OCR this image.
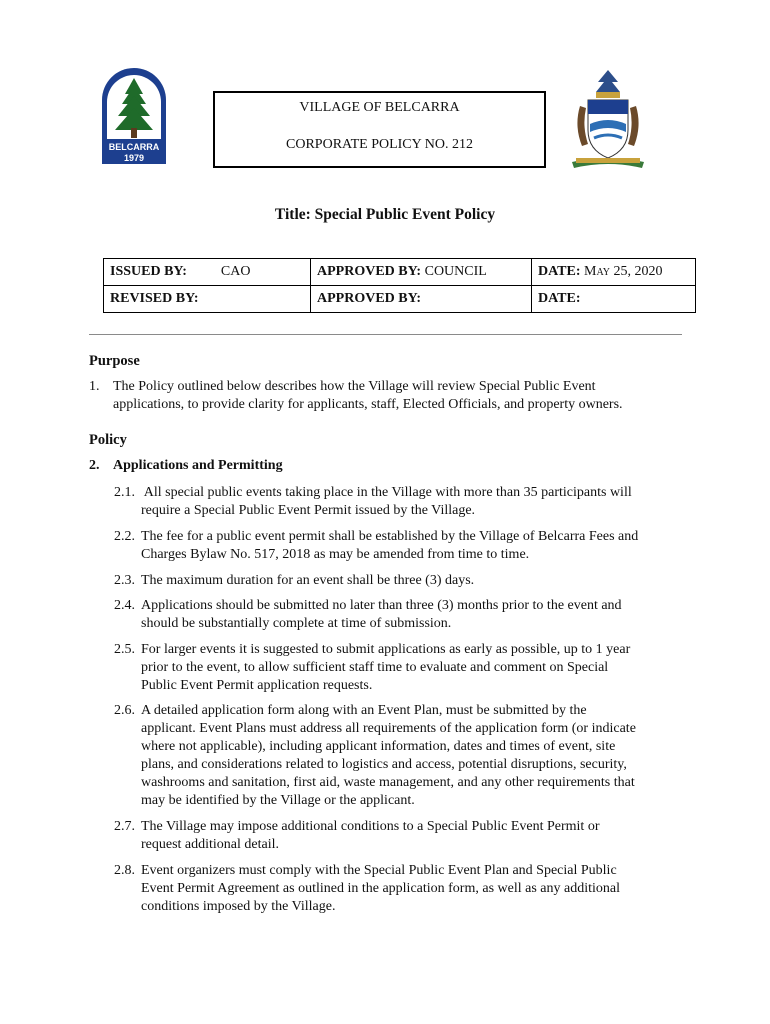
BELCARRA
1979
VILLAGE OF BELCARRA
CORPORATE POLICY NO. 212
Title: Special Public Event Policy
ISSUED BY: CAO	APPROVED BY: COUNCIL	DATE: May 25, 2020
REVISED BY:	APPROVED BY:	DATE:
Purpose
1. The Policy outlined below describes how the Village will review Special Public Event
applications, to provide clarity for applicants, staff, Elected Officials, and property owners.
Policy
2. Applications and Permitting
2.1. All special public events taking place in the Village with more than 35 participants will
require a Special Public Event Permit issued by the Village.
2.2. The fee for a public event permit shall be established by the Village of Belcarra Fees and
Charges Bylaw No. 517, 2018 as may be amended from time to time.
2.3. The maximum duration for an event shall be three (3) days.
2.4. Applications should be submitted no later than three (3) months prior to the event and
should be substantially complete at time of submission.
2.5. For larger events it is suggested to submit applications as early as possible, up to 1 year
prior to the event, to allow sufficient staff time to evaluate and comment on Special
Public Event Permit application requests.
2.6. A detailed application form along with an Event Plan, must be submitted by the
applicant. Event Plans must address all requirements of the application form (or indicate
where not applicable), including applicant information, dates and times of event, site
plans, and considerations related to logistics and access, potential disruptions, security,
washrooms and sanitation, first aid, waste management, and any other requirements that
may be identified by the Village or the applicant.
2.7. The Village may impose additional conditions to a Special Public Event Permit or
request additional detail.
2.8. Event organizers must comply with the Special Public Event Plan and Special Public
Event Permit Agreement as outlined in the application form, as well as any additional
conditions imposed by the Village.
